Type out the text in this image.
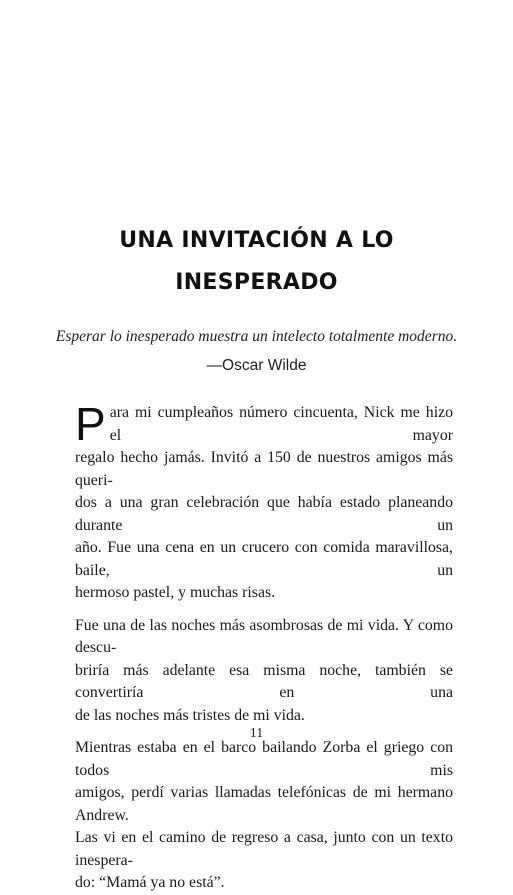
UNA INVITACIÓN A LO
INESPERADO
Esperar lo inesperado muestra un intelecto totalmente moderno.
—Oscar Wilde
P ara mi cumpleaños número cincuenta, Nick me hizo el mayor
regalo hecho jamás. Invitó a 150 de nuestros amigos más queri-
dos a una gran celebración que había estado planeando durante un
año. Fue una cena en un crucero con comida maravillosa, baile, un
hermoso pastel, y muchas risas.
Fue una de las noches más asombrosas de mi vida. Y como descu-
briría más adelante esa misma noche, también se convertiría en una
de las noches más tristes de mi vida.
Mientras estaba en el barco bailando Zorba el griego con todos mis
amigos, perdí varias llamadas telefónicas de mi hermano Andrew.
Las vi en el camino de regreso a casa, junto con un texto inespera-
do: “Mamá ya no está”.
11
